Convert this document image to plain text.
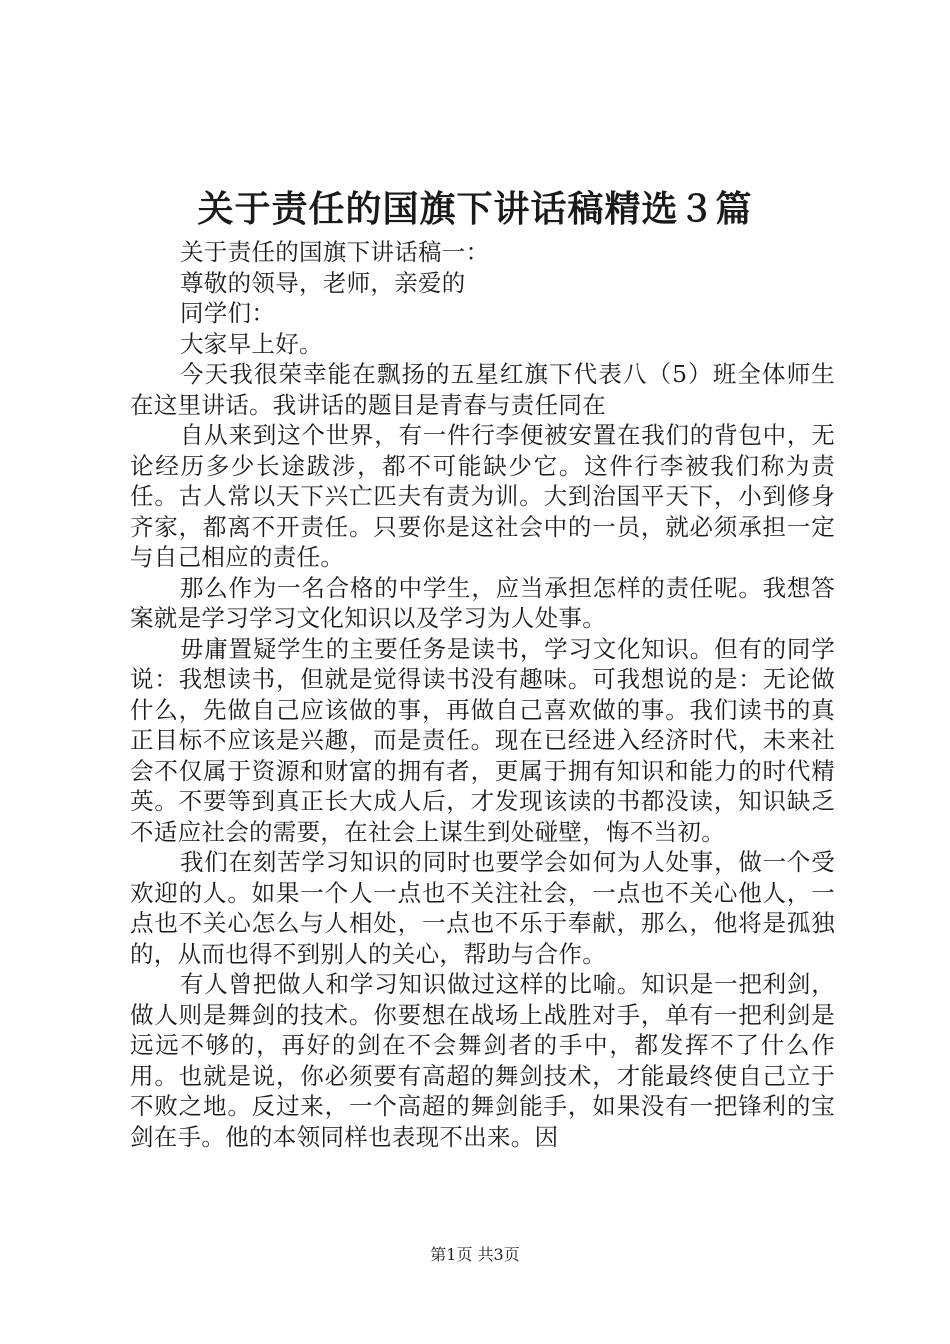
关于责任的国旗下讲话稿精选３篇

关于责任的国旗下讲话稿一：

尊敬的领导，老师，亲爱的

同学们：

大家早上好。

今天我很荣幸能在飘扬的五星红旗下代表八（5）班全体师生在这里讲话。我讲话的题目是青春与责任同在

自从来到这个世界，有一件行李便被安置在我们的背包中，无论经历多少长途跋涉，都不可能缺少它。这件行李被我们称为责任。古人常以天下兴亡匹夫有责为训。大到治国平天下，小到修身齐家，都离不开责任。只要你是这社会中的一员，就必须承担一定与自己相应的责任。

那么作为一名合格的中学生，应当承担怎样的责任呢。我想答案就是学习学习文化知识以及学习为人处事。

毋庸置疑学生的主要任务是读书，学习文化知识。但有的同学说：我想读书，但就是觉得读书没有趣味。可我想说的是：无论做什么，先做自己应该做的事，再做自己喜欢做的事。我们读书的真正目标不应该是兴趣，而是责任。现在已经进入经济时代，未来社会不仅属于资源和财富的拥有者，更属于拥有知识和能力的时代精英。不要等到真正长大成人后，才发现该读的书都没读，知识缺乏不适应社会的需要，在社会上谋生到处碰壁，悔不当初。

我们在刻苦学习知识的同时也要学会如何为人处事，做一个受欢迎的人。如果一个人一点也不关注社会，一点也不关心他人，一点也不关心怎么与人相处，一点也不乐于奉献，那么，他将是孤独的，从而也得不到别人的关心，帮助与合作。

有人曾把做人和学习知识做过这样的比喻。知识是一把利剑，做人则是舞剑的技术。你要想在战场上战胜对手，单有一把利剑是远远不够的，再好的剑在不会舞剑者的手中，都发挥不了什么作用。也就是说，你必须要有高超的舞剑技术，才能最终使自己立于不败之地。反过来，一个高超的舞剑能手，如果没有一把锋利的宝剑在手。他的本领同样也表现不出来。因

第1页 共3页
